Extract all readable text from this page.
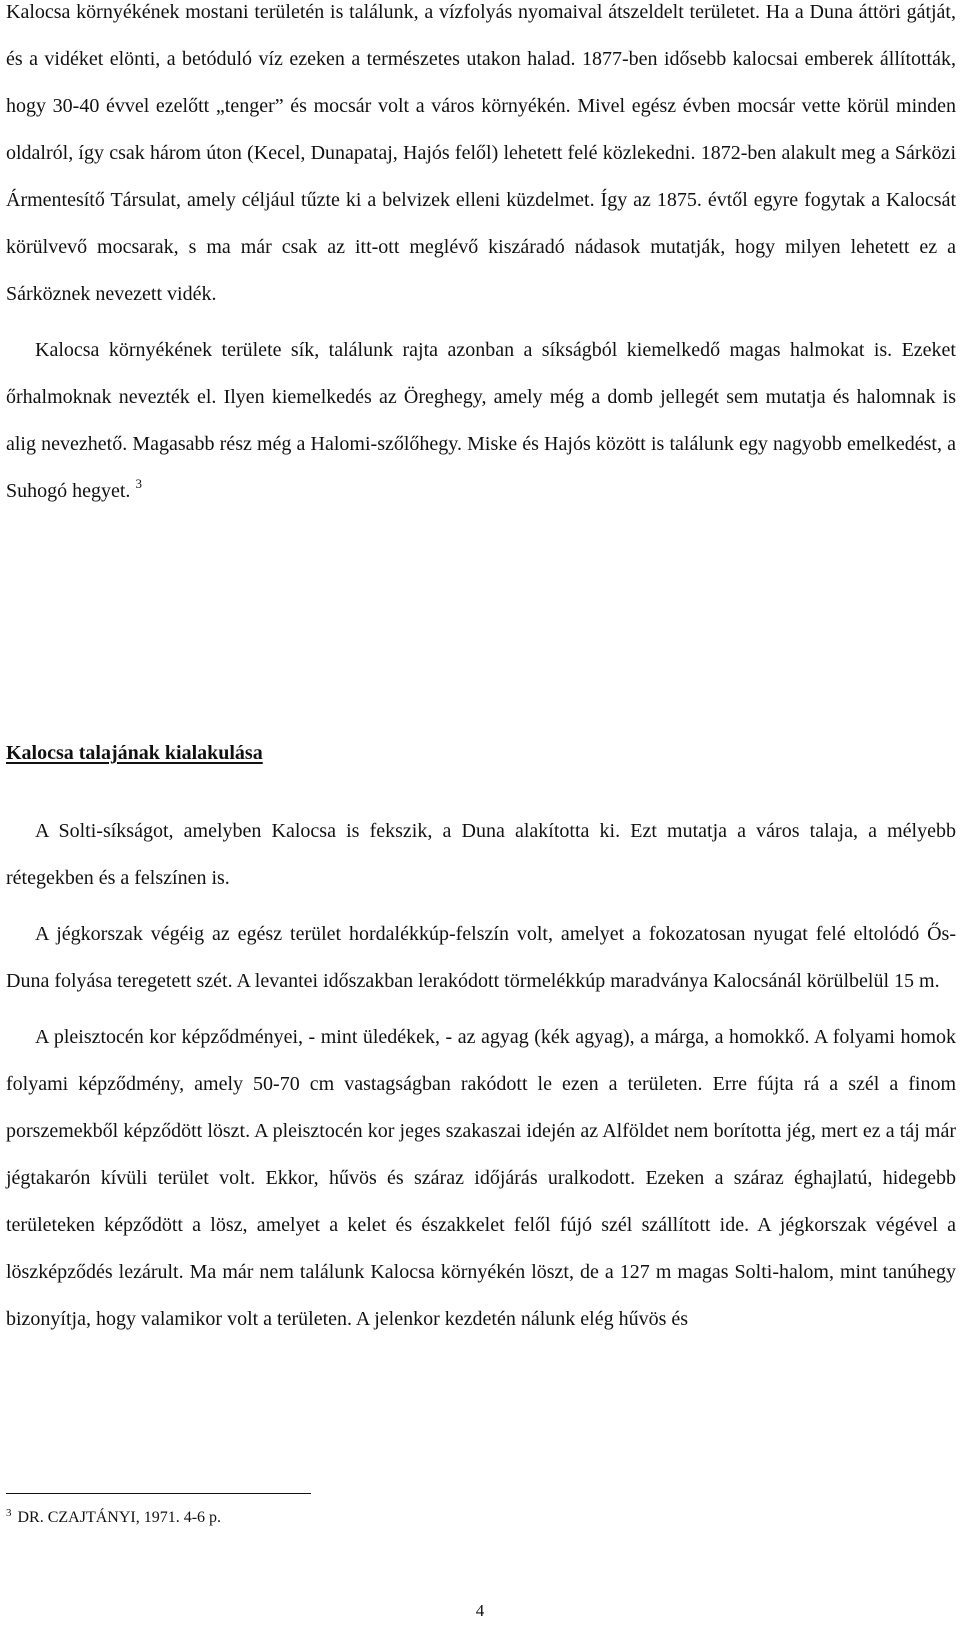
Kalocsa környékének mostani területén is találunk, a vízfolyás nyomaival átszeldelt területet. Ha a Duna áttöri gátját, és a vidéket elönti, a betóduló víz ezeken a természetes utakon halad. 1877-ben idősebb kalocsai emberek állították, hogy 30-40 évvel ezelőtt „tenger” és mocsár volt a város környékén. Mivel egész évben mocsár vette körül minden oldalról, így csak három úton (Kecel, Dunapataj, Hajós felől) lehetett felé közlekedni. 1872-ben alakult meg a Sárközi Ármentesítő Társulat, amely céljául tűzte ki a belvizek elleni küzdelmet. Így az 1875. évtől egyre fogytak a Kalocsát körülvevő mocsarak, s ma már csak az itt-ott meglévő kiszáradó nádasok mutatják, hogy milyen lehetett ez a Sárköznek nevezett vidék.

Kalocsa környékének területe sík, találunk rajta azonban a síkságból kiemelkedő magas halmokat is. Ezeket őrhalmoknak nevezték el. Ilyen kiemelkedés az Öreghegy, amely még a domb jellegét sem mutatja és halomnak is alig nevezhető. Magasabb rész még a Halomi-szőlőhegy. Miske és Hajós között is találunk egy nagyobb emelkedést, a Suhogó hegyet. $^3$

Kalocsa talajának kialakulása

A Solti-síkságot, amelyben Kalocsa is fekszik, a Duna alakította ki. Ezt mutatja a város talaja, a mélyebb rétegekben és a felszínen is.

A jégkorszak végéig az egész terület hordalékkúp-felszín volt, amelyet a fokozatosan nyugat felé eltolódó Ős-Duna folyása teregetett szét. A levantei időszakban lerakódott törmelékkúp maradványa Kalocsánál körülbelül 15 m.

A pleisztocén kor képződményei, - mint üledékek, - az agyag (kék agyag), a márga, a homokkő. A folyami homok folyami képződmény, amely 50-70 cm vastagságban rakódott le ezen a területen. Erre fújta rá a szél a finom porszemekből képződött löszt. A pleisztocén kor jeges szakaszai idején az Alföldet nem borította jég, mert ez a táj már jégtakarón kívüli terület volt. Ekkor, hűvös és száraz időjárás uralkodott. Ezeken a száraz éghajlatú, hidegebb területeken képződött a lösz, amelyet a kelet és északkelet felől fújó szél szállított ide. A jégkorszak végével a löszképződés lezárult. Ma már nem találunk Kalocsa környékén löszt, de a 127 m magas Solti-halom, mint tanúhegy bizonyítja, hogy valamikor volt a területen. A jelenkor kezdetén nálunk elég hűvös és

$^3$ DR. CZAJTÁNYI, 1971. 4-6 p.
4
